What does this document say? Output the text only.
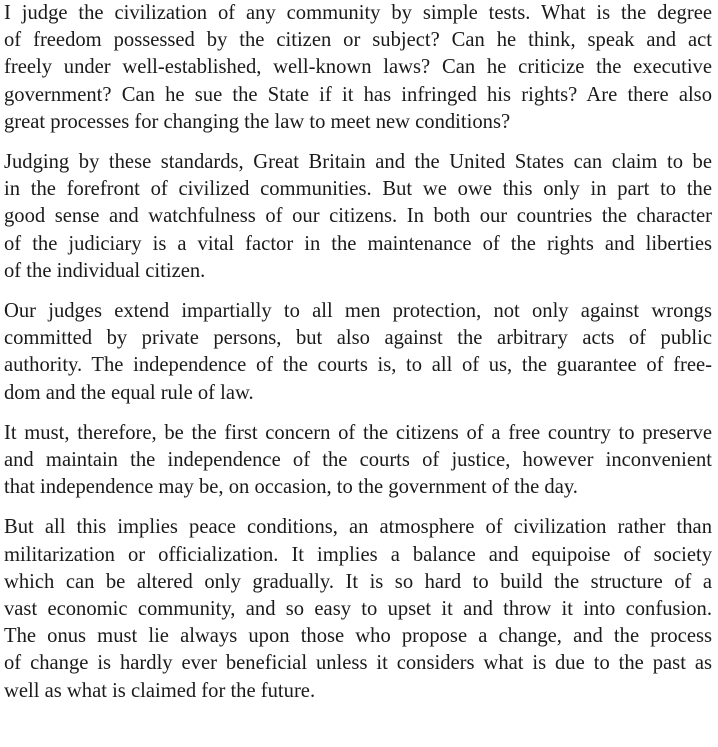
I judge the civilization of any community by simple tests. What is the degree
of freedom possessed by the citizen or subject? Can he think, speak and act
freely under well-established, well-known laws? Can he criticize the executive
government? Can he sue the State if it has infringed his rights? Are there also
great processes for changing the law to meet new conditions?

Judging by these standards, Great Britain and the United States can claim to be
in the forefront of civilized communities. But we owe this only in part to the
good sense and watchfulness of our citizens. In both our countries the character
of the judiciary is a vital factor in the maintenance of the rights and liberties
of the individual citizen.

Our judges extend impartially to all men protection, not only against wrongs
committed by private persons, but also against the arbitrary acts of public
authority. The independence of the courts is, to all of us, the guarantee of free-
dom and the equal rule of law.

It must, therefore, be the first concern of the citizens of a free country to preserve
and maintain the independence of the courts of justice, however inconvenient
that independence may be, on occasion, to the government of the day.

But all this implies peace conditions, an atmosphere of civilization rather than
militarization or officialization. It implies a balance and equipoise of society
which can be altered only gradually. It is so hard to build the structure of a
vast economic community, and so easy to upset it and throw it into confusion.
The onus must lie always upon those who propose a change, and the process
of change is hardly ever beneficial unless it considers what is due to the past as
well as what is claimed for the future.
